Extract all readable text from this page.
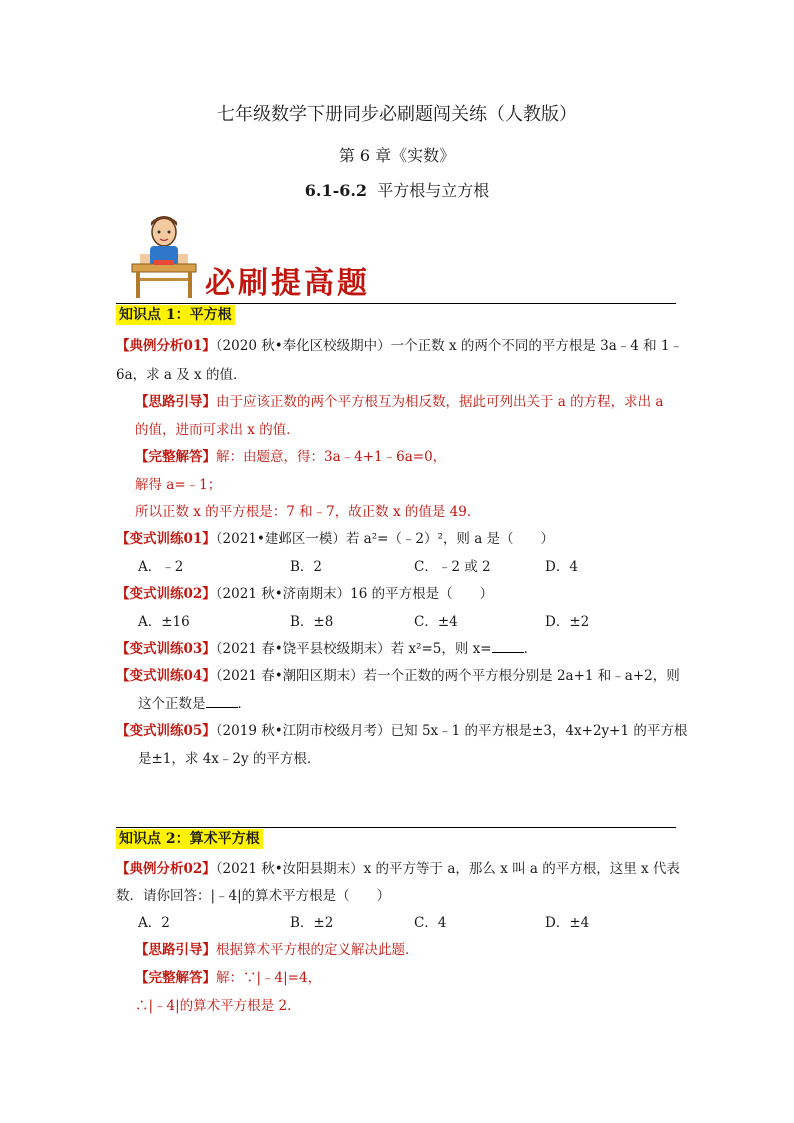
七年级数学下册同步必刷题闯关练（人教版）
第 6 章《实数》
6.1-6.2 平方根与立方根
必刷提高题
知识点 1：平方根
【典例分析01】（2020 秋•奉化区校级期中）一个正数 x 的两个不同的平方根是 3a﹣4 和 1﹣
6a，求 a 及 x 的值．
【思路引导】由于应该正数的两个平方根互为相反数，据此可列出关于 a 的方程，求出 a
的值，进而可求出 x 的值．
【完整解答】解：由题意，得：3a﹣4+1﹣6a=0，
解得 a=﹣1；
所以正数 x 的平方根是：7 和﹣7，故正数 x 的值是 49．
【变式训练01】（2021•建邺区一模）若 a²=（﹣2）²，则 a 是（　　）
A．﹣2	B．2	C．﹣2 或 2	D．4
【变式训练02】（2021 秋•济南期末）16 的平方根是（　　）
A．±16	B．±8	C．±4	D．±2
【变式训练03】（2021 春•饶平县校级期末）若 x²=5，则 x= ．
【变式训练04】（2021 春•潮阳区期末）若一个正数的两个平方根分别是 2a+1 和﹣a+2，则
这个正数是 ．
【变式训练05】（2019 秋•江阴市校级月考）已知 5x﹣1 的平方根是±3，4x+2y+1 的平方根
是±1，求 4x﹣2y 的平方根．
知识点 2：算术平方根
【典例分析02】（2021 秋•汝阳县期末）x 的平方等于 a，那么 x 叫 a 的平方根，这里 x 代表
数．请你回答：|﹣4|的算术平方根是（　　）
A．2	B．±2	C．4	D．±4
【思路引导】根据算术平方根的定义解决此题．
【完整解答】解：∵|﹣4|=4，
∴|﹣4|的算术平方根是 2．
